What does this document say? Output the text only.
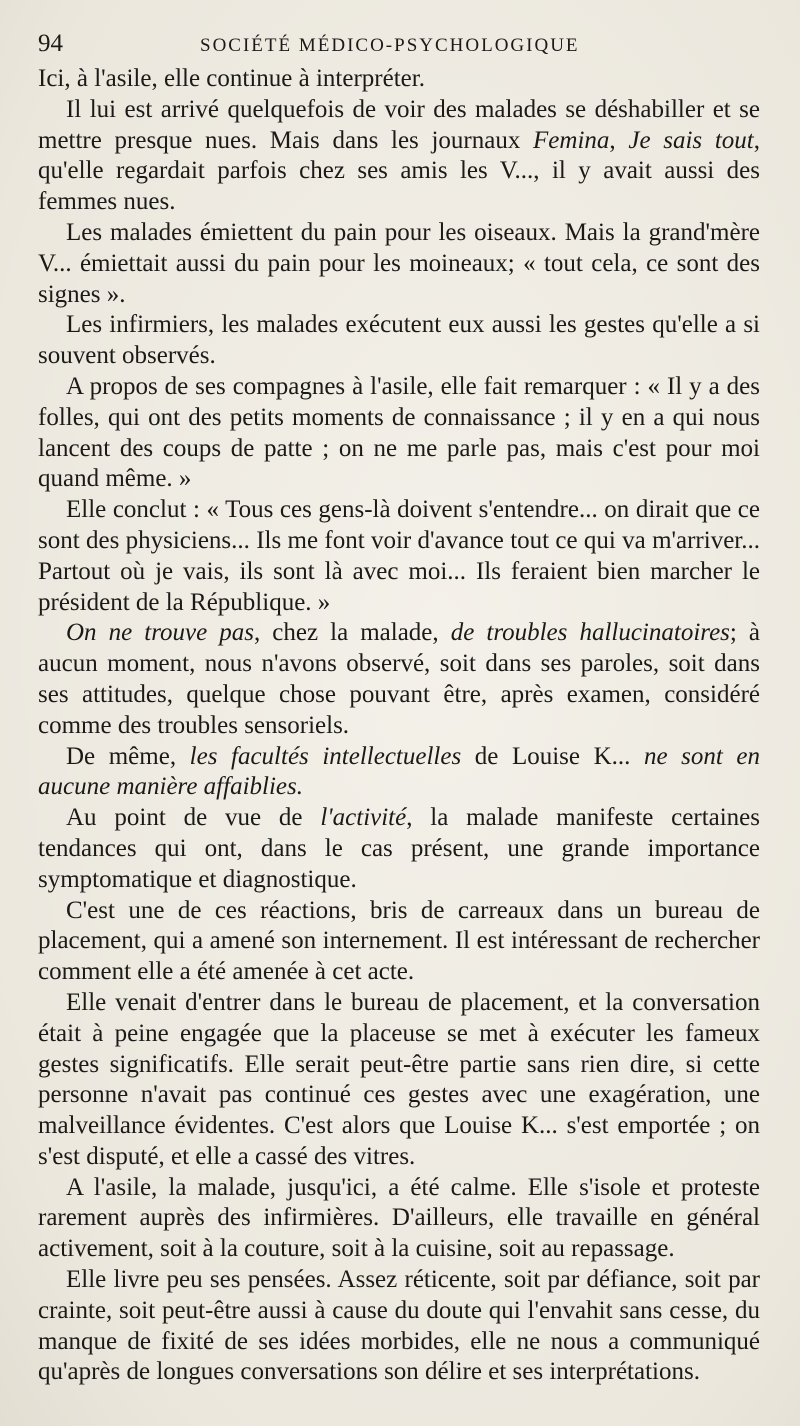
94	SOCIÉTÉ MÉDICO-PSYCHOLOGIQUE

Ici, à l'asile, elle continue à interpréter.

Il lui est arrivé quelquefois de voir des malades se déshabiller et se mettre presque nues. Mais dans les journaux Femina, Je sais tout, qu'elle regardait parfois chez ses amis les V..., il y avait aussi des femmes nues.

Les malades émiettent du pain pour les oiseaux. Mais la grand'mère V... émiettait aussi du pain pour les moineaux; « tout cela, ce sont des signes ».

Les infirmiers, les malades exécutent eux aussi les gestes qu'elle a si souvent observés.

A propos de ses compagnes à l'asile, elle fait remarquer : « Il y a des folles, qui ont des petits moments de connaissance ; il y en a qui nous lancent des coups de patte ; on ne me parle pas, mais c'est pour moi quand même. »

Elle conclut : « Tous ces gens-là doivent s'entendre... on dirait que ce sont des physiciens... Ils me font voir d'avance tout ce qui va m'arriver... Partout où je vais, ils sont là avec moi... Ils feraient bien marcher le président de la République. »

On ne trouve pas, chez la malade, de troubles hallucinatoires; à aucun moment, nous n'avons observé, soit dans ses paroles, soit dans ses attitudes, quelque chose pouvant être, après examen, considéré comme des troubles sensoriels.

De même, les facultés intellectuelles de Louise K... ne sont en aucune manière affaiblies.

Au point de vue de l'activité, la malade manifeste certaines tendances qui ont, dans le cas présent, une grande importance symptomatique et diagnostique.

C'est une de ces réactions, bris de carreaux dans un bureau de placement, qui a amené son internement. Il est intéressant de rechercher comment elle a été amenée à cet acte.

Elle venait d'entrer dans le bureau de placement, et la conversation était à peine engagée que la placeuse se met à exécuter les fameux gestes significatifs. Elle serait peut-être partie sans rien dire, si cette personne n'avait pas continué ces gestes avec une exagération, une malveillance évidentes. C'est alors que Louise K... s'est emportée ; on s'est disputé, et elle a cassé des vitres.

A l'asile, la malade, jusqu'ici, a été calme. Elle s'isole et proteste rarement auprès des infirmières. D'ailleurs, elle travaille en général activement, soit à la couture, soit à la cuisine, soit au repassage.

Elle livre peu ses pensées. Assez réticente, soit par défiance, soit par crainte, soit peut-être aussi à cause du doute qui l'envahit sans cesse, du manque de fixité de ses idées morbides, elle ne nous a communiqué qu'après de longues conversations son délire et ses interprétations.
